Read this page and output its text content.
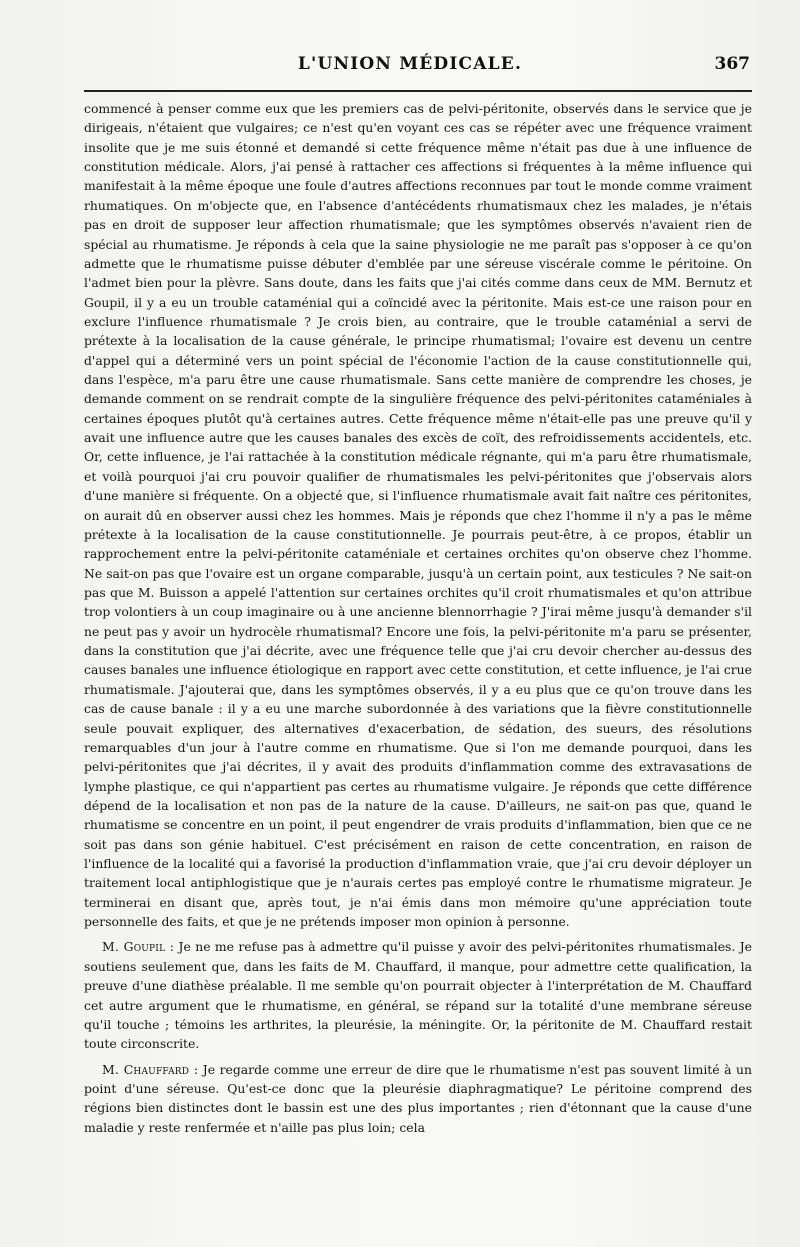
L'UNION MÉDICALE.	367

commencé à penser comme eux que les premiers cas de pelvi-péritonite, observés dans le service que je dirigeais, n'étaient que vulgaires; ce n'est qu'en voyant ces cas se répéter avec une fréquence vraiment insolite que je me suis étonné et demandé si cette fréquence même n'était pas due à une influence de constitution médicale. Alors, j'ai pensé à rattacher ces affections si fréquentes à la même influence qui manifestait à la même époque une foule d'autres affections reconnues par tout le monde comme vraiment rhumatiques. On m'objecte que, en l'absence d'antécédents rhumatismaux chez les malades, je n'étais pas en droit de supposer leur affection rhumatismale; que les symptômes observés n'avaient rien de spécial au rhumatisme. Je réponds à cela que la saine physiologie ne me paraît pas s'opposer à ce qu'on admette que le rhumatisme puisse débuter d'emblée par une séreuse viscérale comme le péritoine. On l'admet bien pour la plèvre. Sans doute, dans les faits que j'ai cités comme dans ceux de MM. Bernutz et Goupil, il y a eu un trouble cataménial qui a coïncidé avec la péritonite. Mais est-ce une raison pour en exclure l'influence rhumatismale ? Je crois bien, au contraire, que le trouble cataménial a servi de prétexte à la localisation de la cause générale, le principe rhumatismal; l'ovaire est devenu un centre d'appel qui a déterminé vers un point spécial de l'économie l'action de la cause constitutionnelle qui, dans l'espèce, m'a paru être une cause rhumatismale. Sans cette manière de comprendre les choses, je demande comment on se rendrait compte de la singulière fréquence des pelvi-péritonites cataméniales à certaines époques plutôt qu'à certaines autres. Cette fréquence même n'était-elle pas une preuve qu'il y avait une influence autre que les causes banales des excès de coït, des refroidissements accidentels, etc. Or, cette influence, je l'ai rattachée à la constitution médicale régnante, qui m'a paru être rhumatismale, et voilà pourquoi j'ai cru pouvoir qualifier de rhumatismales les pelvi-péritonites que j'observais alors d'une manière si fréquente. On a objecté que, si l'influence rhumatismale avait fait naître ces péritonites, on aurait dû en observer aussi chez les hommes. Mais je réponds que chez l'homme il n'y a pas le même prétexte à la localisation de la cause constitutionnelle. Je pourrais peut-être, à ce propos, établir un rapprochement entre la pelvi-péritonite cataméniale et certaines orchites qu'on observe chez l'homme. Ne sait-on pas que l'ovaire est un organe comparable, jusqu'à un certain point, aux testicules ? Ne sait-on pas que M. Buisson a appelé l'attention sur certaines orchites qu'il croit rhumatismales et qu'on attribue trop volontiers à un coup imaginaire ou à une ancienne blennorrhagie ? J'irai même jusqu'à demander s'il ne peut pas y avoir un hydrocèle rhumatismal? Encore une fois, la pelvi-péritonite m'a paru se présenter, dans la constitution que j'ai décrite, avec une fréquence telle que j'ai cru devoir chercher au-dessus des causes banales une influence étiologique en rapport avec cette constitution, et cette influence, je l'ai crue rhumatismale. J'ajouterai que, dans les symptômes observés, il y a eu plus que ce qu'on trouve dans les cas de cause banale : il y a eu une marche subordonnée à des variations que la fièvre constitutionnelle seule pouvait expliquer, des alternatives d'exacerbation, de sédation, des sueurs, des résolutions remarquables d'un jour à l'autre comme en rhumatisme. Que si l'on me demande pourquoi, dans les pelvi-péritonites que j'ai décrites, il y avait des produits d'inflammation comme des extravasations de lymphe plastique, ce qui n'appartient pas certes au rhumatisme vulgaire. Je réponds que cette différence dépend de la localisation et non pas de la nature de la cause. D'ailleurs, ne sait-on pas que, quand le rhumatisme se concentre en un point, il peut engendrer de vrais produits d'inflammation, bien que ce ne soit pas dans son génie habituel. C'est précisément en raison de cette concentration, en raison de l'influence de la localité qui a favorisé la production d'inflammation vraie, que j'ai cru devoir déployer un traitement local antiphlogistique que je n'aurais certes pas employé contre le rhumatisme migrateur. Je terminerai en disant que, après tout, je n'ai émis dans mon mémoire qu'une appréciation toute personnelle des faits, et que je ne prétends imposer mon opinion à personne.

M. Goupil : Je ne me refuse pas à admettre qu'il puisse y avoir des pelvi-péritonites rhumatismales. Je soutiens seulement que, dans les faits de M. Chauffard, il manque, pour admettre cette qualification, la preuve d'une diathèse préalable. Il me semble qu'on pourrait objecter à l'interprétation de M. Chauffard cet autre argument que le rhumatisme, en général, se répand sur la totalité d'une membrane séreuse qu'il touche ; témoins les arthrites, la pleurésie, la méningite. Or, la péritonite de M. Chauffard restait toute circonscrite.

M. Chauffard : Je regarde comme une erreur de dire que le rhumatisme n'est pas souvent limité à un point d'une séreuse. Qu'est-ce donc que la pleurésie diaphragmatique? Le péritoine comprend des régions bien distinctes dont le bassin est une des plus importantes ; rien d'étonnant que la cause d'une maladie y reste renfermée et n'aille pas plus loin; cela
